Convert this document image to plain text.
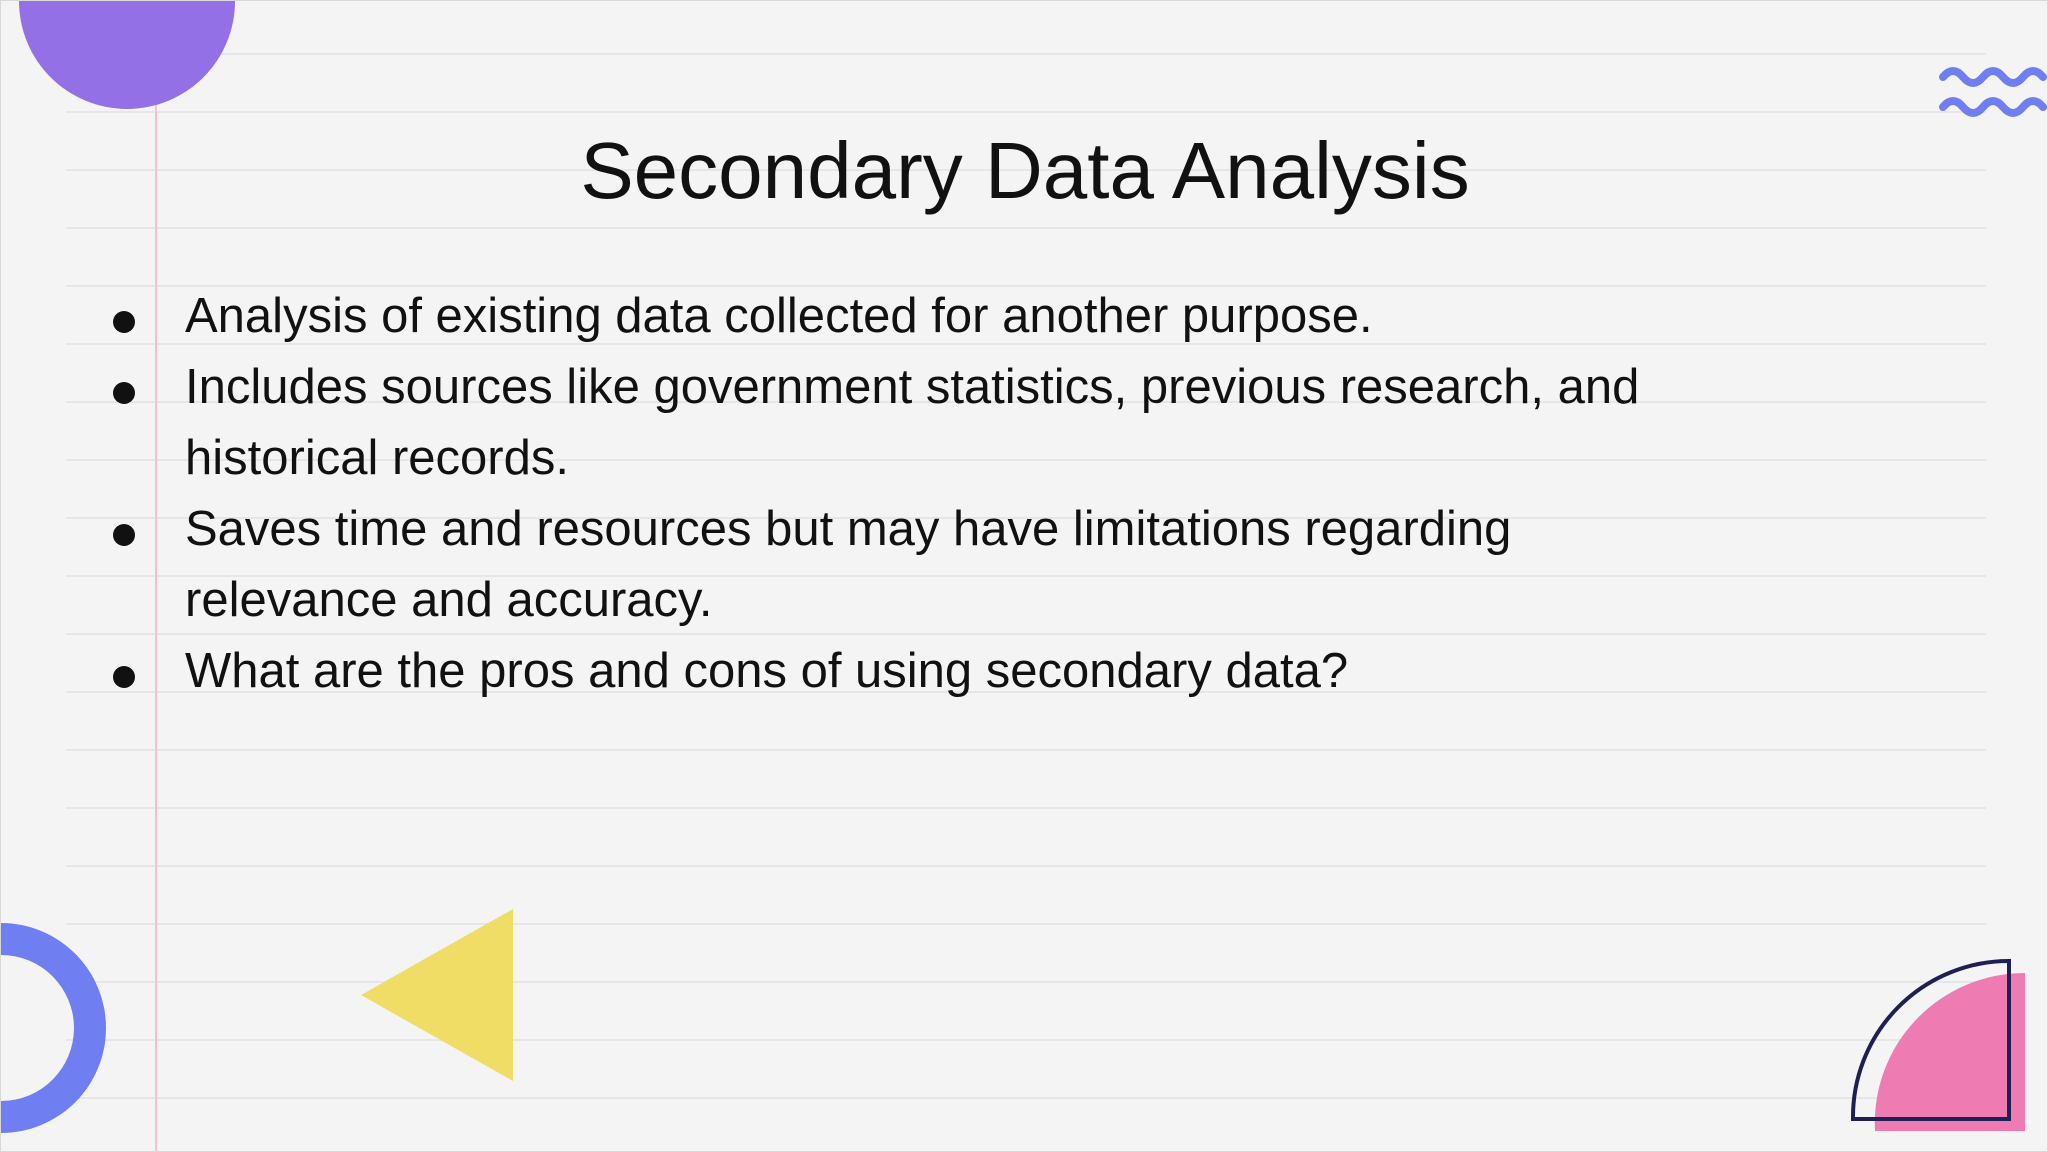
Secondary Data Analysis
Analysis of existing data collected for another purpose.
Includes sources like government statistics, previous research, and historical records.
Saves time and resources but may have limitations regarding relevance and accuracy.
What are the pros and cons of using secondary data?
